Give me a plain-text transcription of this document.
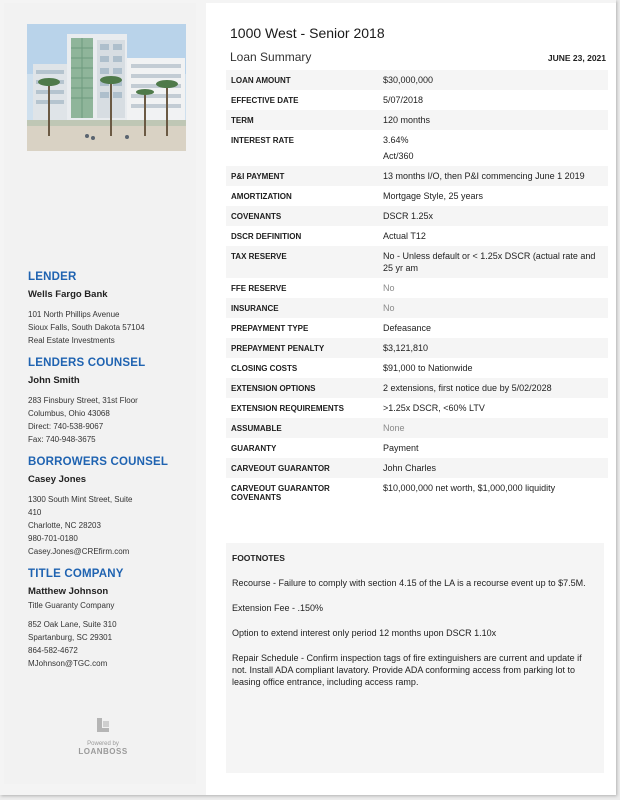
LENDER
Wells Fargo Bank
101 North Phillips Avenue
Sioux Falls, South Dakota 57104
Real Estate Investments
LENDERS COUNSEL
John Smith
283 Finsbury Street, 31st Floor
Columbus, Ohio 43068
Direct: 740-538-9067
Fax: 740-948-3675
BORROWERS COUNSEL
Casey Jones
1300 South Mint Street, Suite
410
Charlotte, NC 28203
980-701-0180
Casey.Jones@CREfirm.com
TITLE COMPANY
Matthew Johnson
Title Guaranty Company
852 Oak Lane, Suite 310
Spartanburg, SC 29301
864-582-4672
MJohnson@TGC.com
Powered by
LOANBOSS
1000 West - Senior 2018
Loan Summary	JUNE 23, 2021
LOAN AMOUNT	$30,000,000

EFFECTIVE DATE	5/07/2018

TERM	120 months

INTEREST RATE	3.64%
Act/360

P&I PAYMENT	13 months I/O, then P&I commencing June 1 2019

AMORTIZATION	Mortgage Style, 25 years

COVENANTS	DSCR 1.25x

DSCR DEFINITION	Actual T12

TAX RESERVE	No - Unless default or < 1.25x DSCR (actual rate and 25 yr am

FFE RESERVE	No

INSURANCE	No

PREPAYMENT TYPE	Defeasance

PREPAYMENT PENALTY	$3,121,810

CLOSING COSTS	$91,000 to Nationwide

EXTENSION OPTIONS	2 extensions, first notice due by 5/02/2028

EXTENSION REQUIREMENTS	>1.25x DSCR, <60% LTV

ASSUMABLE	None

GUARANTY	Payment

CARVEOUT GUARANTOR	John Charles

CARVEOUT GUARANTOR COVENANTS	$10,000,000 net worth, $1,000,000 liquidity
FOOTNOTES
Recourse - Failure to comply with section 4.15 of the LA is a recourse event up to $7.5M.
Extension Fee - .150%
Option to extend interest only period 12 months upon DSCR 1.10x
Repair Schedule - Confirm inspection tags of fire extinguishers are current and update if not. Install ADA compliant lavatory. Provide ADA conforming access from parking lot to leasing office entrance, including access ramp.
